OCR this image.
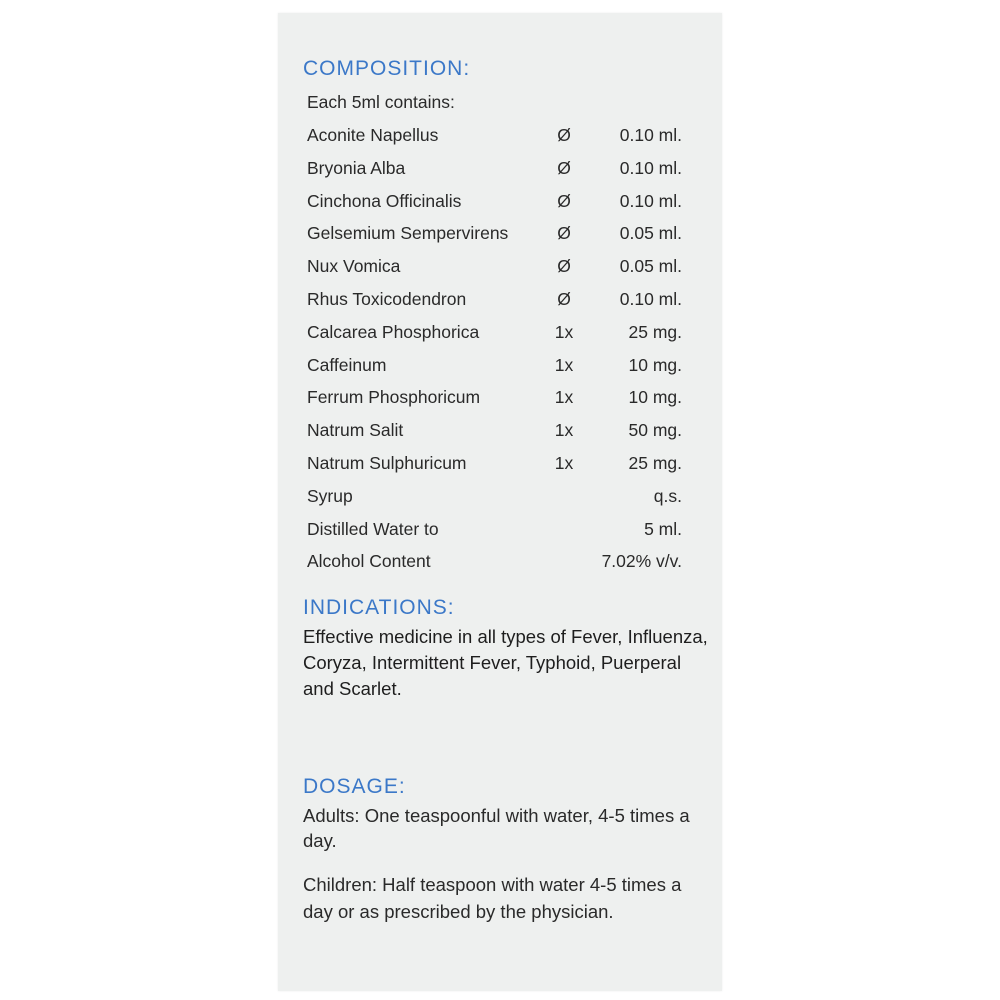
COMPOSITION:
Each 5ml contains:
Aconite Napellus	Ø	0.10 ml.
Bryonia Alba	Ø	0.10 ml.
Cinchona Officinalis	Ø	0.10 ml.
Gelsemium Sempervirens	Ø	0.05 ml.
Nux Vomica	Ø	0.05 ml.
Rhus Toxicodendron	Ø	0.10 ml.
Calcarea Phosphorica	1x	25 mg.
Caffeinum	1x	10 mg.
Ferrum Phosphoricum	1x	10 mg.
Natrum Salit	1x	50 mg.
Natrum Sulphuricum	1x	25 mg.
Syrup	q.s.
Distilled Water to	5 ml.
Alcohol Content	7.02% v/v.
INDICATIONS:

Effective medicine in all types of Fever, Influenza, Coryza, Intermittent Fever, Typhoid, Puerperal and Scarlet.

DOSAGE:

Adults: One teaspoonful with water, 4-5 times a day.

Children: Half teaspoon with water 4-5 times a day or as prescribed by the physician.
